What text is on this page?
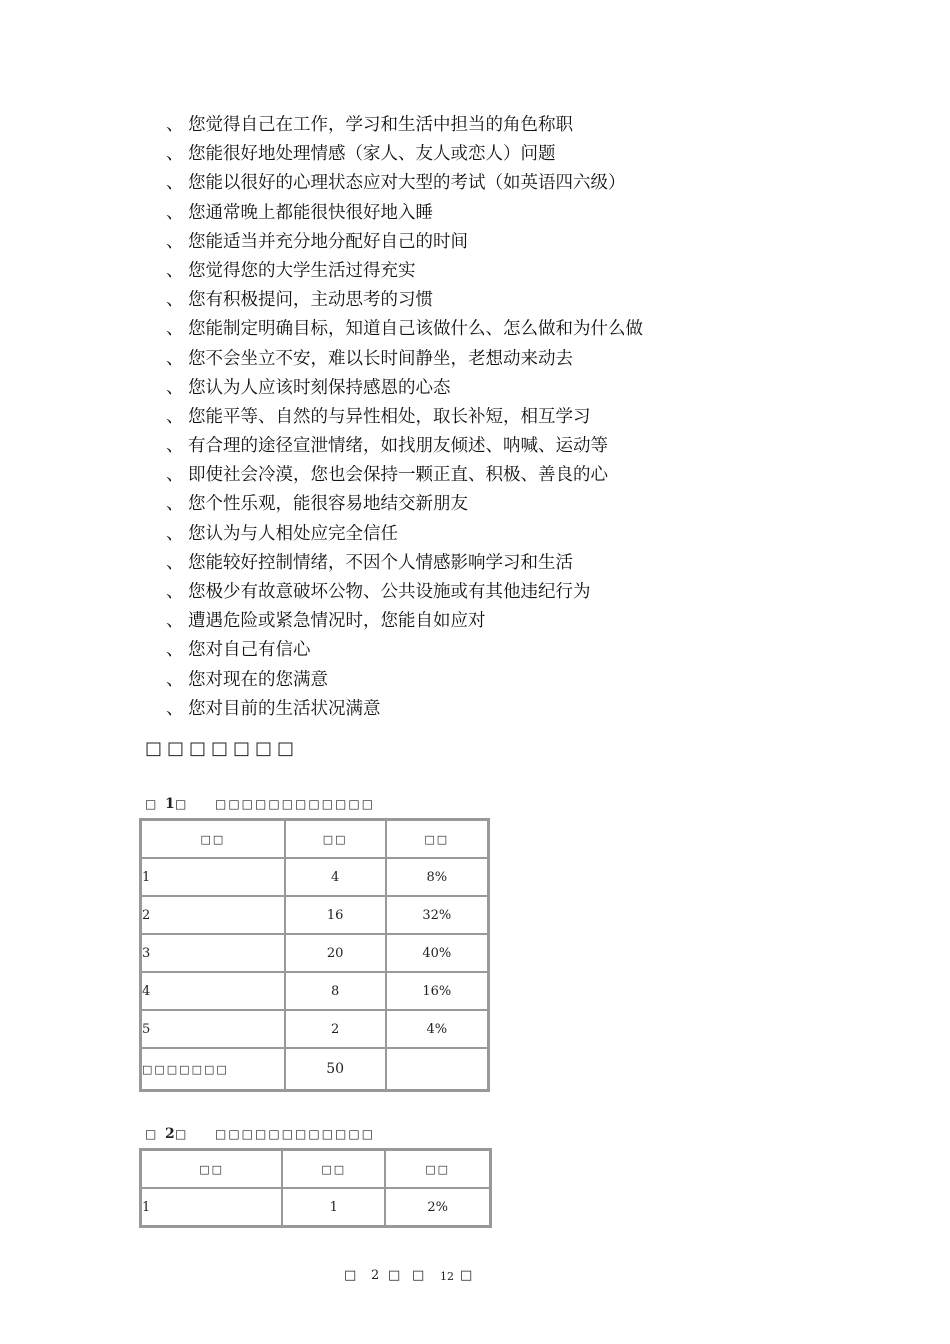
、 您觉得自己在工作，学习和生活中担当的角色称职
、 您能很好地处理情感（家人、友人或恋人）问题
、 您能以很好的心理状态应对大型的考试（如英语四六级）
、 您通常晚上都能很快很好地入睡
、 您能适当并充分地分配好自己的时间
、 您觉得您的大学生活过得充实
、 您有积极提问，主动思考的习惯
、 您能制定明确目标，知道自己该做什么、怎么做和为什么做
、 您不会坐立不安，难以长时间静坐，老想动来动去
、 您认为人应该时刻保持感恩的心态
、 您能平等、自然的与异性相处，取长补短，相互学习
、 有合理的途径宣泄情绪，如找朋友倾述、呐喊、运动等
、 即使社会冷漠，您也会保持一颗正直、积极、善良的心
、 您个性乐观，能很容易地结交新朋友
、 您认为与人相处应完全信任
、 您能较好控制情绪，不因个人情感影响学习和生活
、 您极少有故意破坏公物、公共设施或有其他违纪行为
、 遭遇危险或紧急情况时，您能自如应对
、 您对自己有信心
、 您对现在的您满意
、 您对目前的生活状况满意
□□□□□□□
□ 1□ □□□□□□□□□□□□
□□	□□	□□
1	4	8%
2	16	32%
3	20	40%
4	8	16%
5	2	4%
□□□□□□□	50	
□ 2□ □□□□□□□□□□□□
□□	□□	□□
1	1	2%
□ 2 □ □ 12 □
